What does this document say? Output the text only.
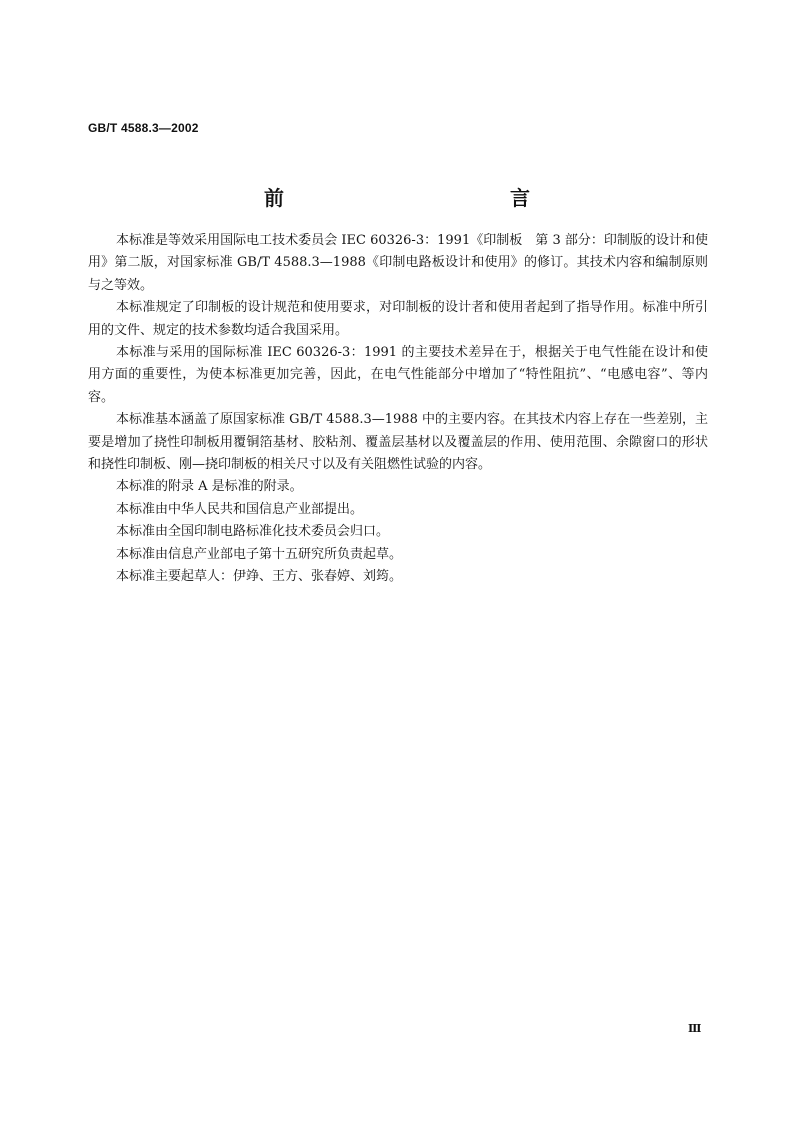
GB/T 4588.3—2002
前　　言

本标准是等效采用国际电工技术委员会 IEC 60326-3：1991《印制板　第 3 部分：印制版的设计和使用》第二版，对国家标准 GB/T 4588.3—1988《印制电路板设计和使用》的修订。其技术内容和编制原则与之等效。

本标准规定了印制板的设计规范和使用要求，对印制板的设计者和使用者起到了指导作用。标准中所引用的文件、规定的技术参数均适合我国采用。

本标准与采用的国际标准 IEC 60326-3：1991 的主要技术差异在于，根据关于电气性能在设计和使用方面的重要性，为使本标准更加完善，因此，在电气性能部分中增加了“特性阻抗”、“电感电容”、等内容。

本标准基本涵盖了原国家标准 GB/T 4588.3—1988 中的主要内容。在其技术内容上存在一些差别，主要是增加了挠性印制板用覆铜箔基材、胶粘剂、覆盖层基材以及覆盖层的作用、使用范围、余隙窗口的形状和挠性印制板、刚—挠印制板的相关尺寸以及有关阻燃性试验的内容。

本标准的附录 A 是标准的附录。

本标准由中华人民共和国信息产业部提出。

本标准由全国印制电路标准化技术委员会归口。

本标准由信息产业部电子第十五研究所负责起草。

本标准主要起草人：伊竫、王方、张春婷、刘筠。

Ⅲ
